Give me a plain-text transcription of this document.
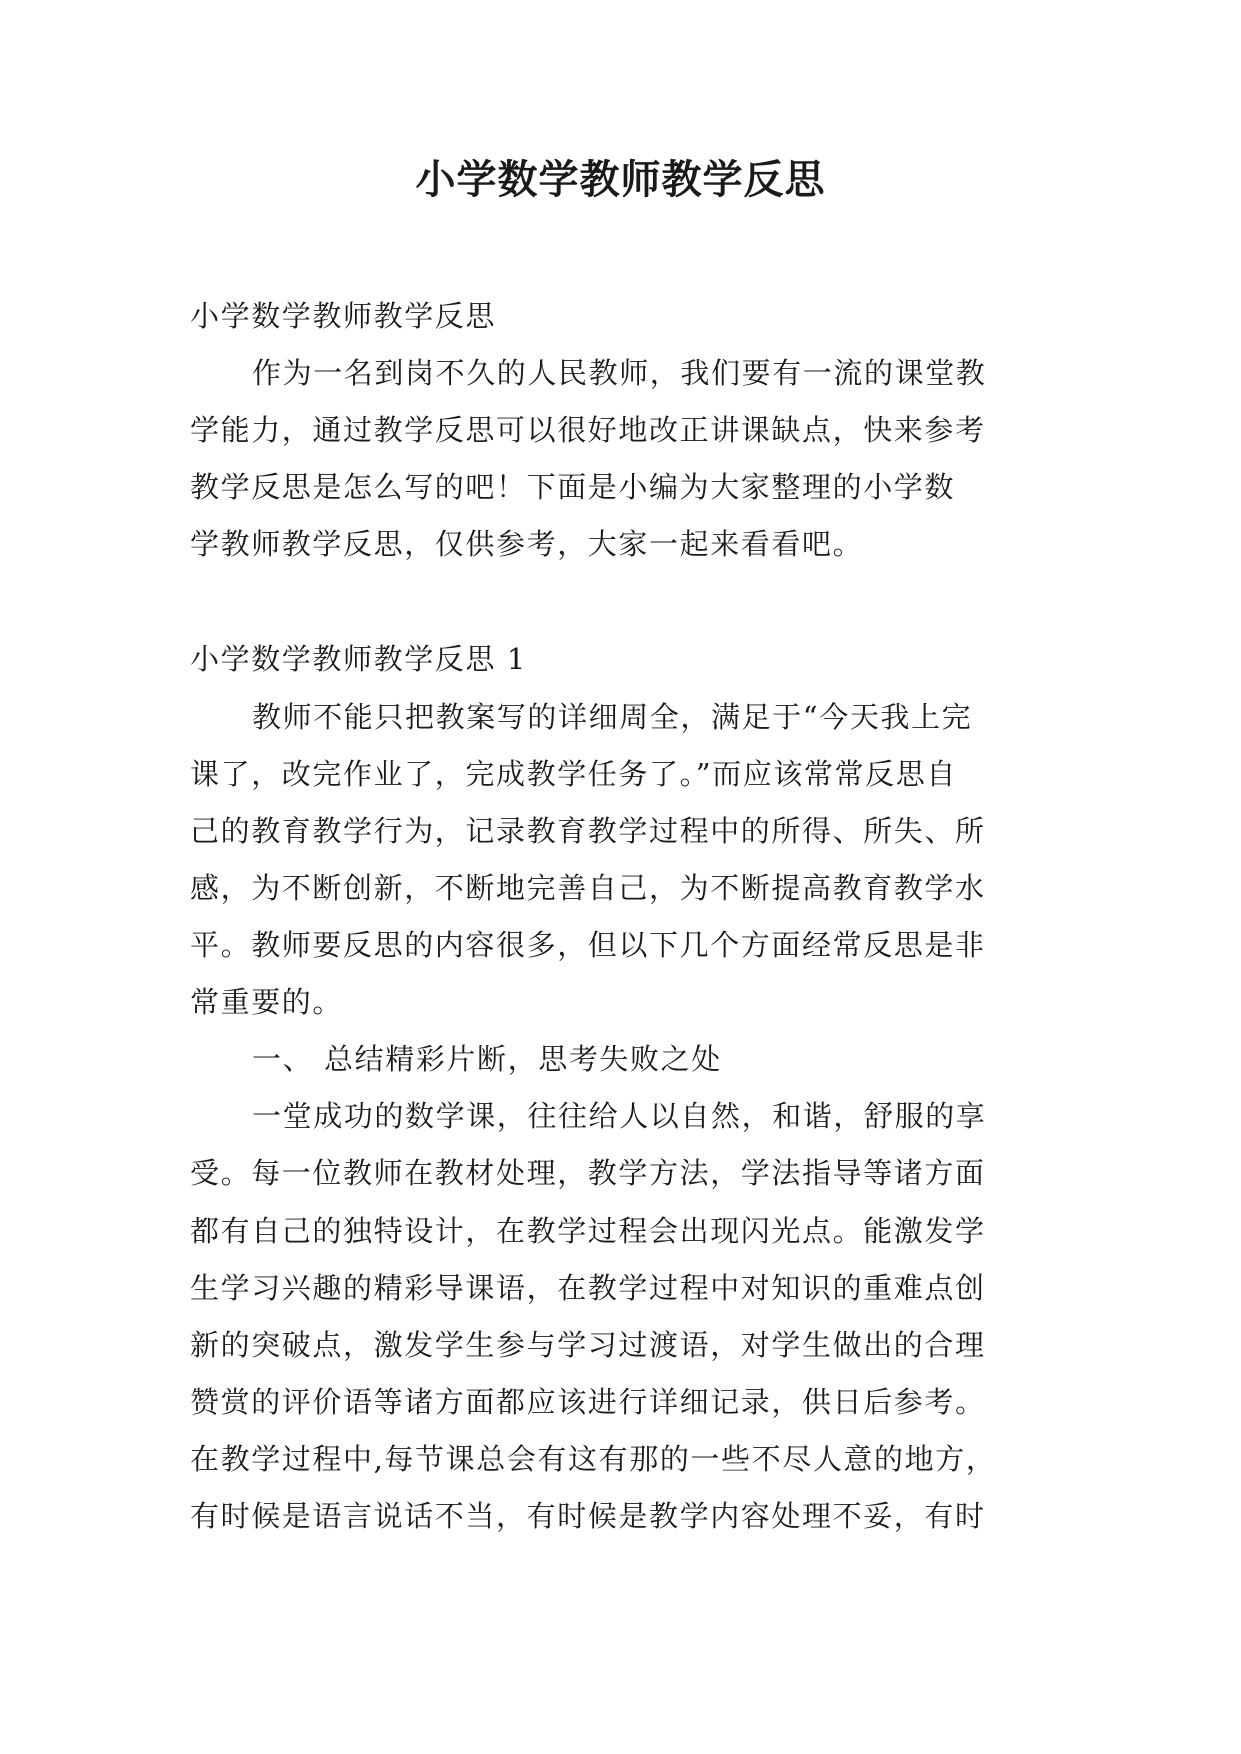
小学数学教师教学反思
小学数学教师教学反思
作为一名到岗不久的人民教师，我们要有一流的课堂教
学能力，通过教学反思可以很好地改正讲课缺点，快来参考
教学反思是怎么写的吧！下面是小编为大家整理的小学数
学教师教学反思，仅供参考，大家一起来看看吧。
小学数学教师教学反思 1
教师不能只把教案写的详细周全，满足于“今天我上完
课了，改完作业了，完成教学任务了。”而应该常常反思自
己的教育教学行为，记录教育教学过程中的所得、所失、所
感，为不断创新，不断地完善自己，为不断提高教育教学水
平。教师要反思的内容很多，但以下几个方面经常反思是非
常重要的。
一、 总结精彩片断，思考失败之处
一堂成功的数学课，往往给人以自然，和谐，舒服的享
受。每一位教师在教材处理，教学方法，学法指导等诸方面
都有自己的独特设计，在教学过程会出现闪光点。能激发学
生学习兴趣的精彩导课语，在教学过程中对知识的重难点创
新的突破点，激发学生参与学习过渡语，对学生做出的合理
赞赏的评价语等诸方面都应该进行详细记录，供日后参考。
在教学过程中,每节课总会有这有那的一些不尽人意的地方，
有时候是语言说话不当，有时候是教学内容处理不妥，有时
